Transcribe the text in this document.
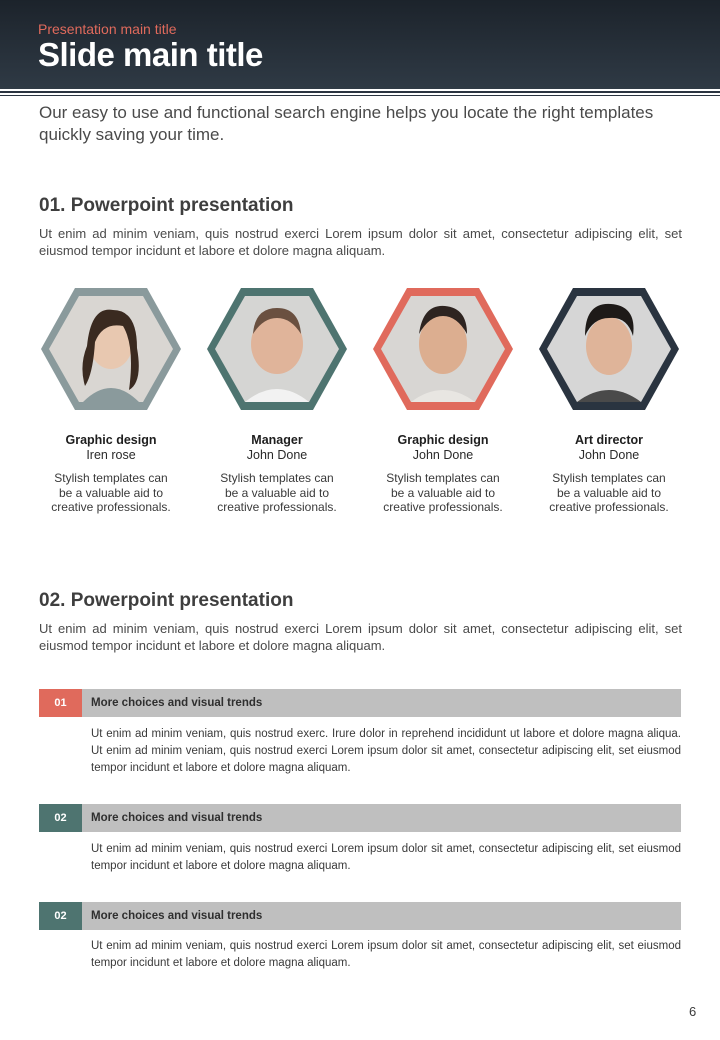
Presentation main title
Slide main title
Our easy to use and functional search engine helps you locate the right templates quickly saving your time.
01. Powerpoint presentation
Ut enim ad minim veniam, quis nostrud exerci Lorem ipsum dolor sit amet, consectetur adipiscing elit, set eiusmod tempor incidunt et labore et dolore magna aliquam.
Graphic design
Iren rose
Stylish templates can be a valuable aid to creative professionals.
Manager
John Done
Stylish templates can be a valuable aid to creative professionals.
Graphic design
John Done
Stylish templates can be a valuable aid to creative professionals.
Art director
John Done
Stylish templates can be a valuable aid to creative professionals.
02. Powerpoint presentation
Ut enim ad minim veniam, quis nostrud exerci Lorem ipsum dolor sit amet, consectetur adipiscing elit, set eiusmod tempor incidunt et labore et dolore magna aliquam.
01	More choices and visual trends
Ut enim ad minim veniam, quis nostrud exerc. Irure dolor in reprehend incididunt ut labore et dolore magna aliqua. Ut enim ad minim veniam, quis nostrud exerci Lorem ipsum dolor sit amet, consectetur adipiscing elit, set eiusmod tempor incidunt et labore et dolore magna aliquam.
02	More choices and visual trends
Ut enim ad minim veniam, quis nostrud exerci Lorem ipsum dolor sit amet, consectetur adipiscing elit, set eiusmod tempor incidunt et labore et dolore magna aliquam.
02	More choices and visual trends
Ut enim ad minim veniam, quis nostrud exerci Lorem ipsum dolor sit amet, consectetur adipiscing elit, set eiusmod tempor incidunt et labore et dolore magna aliquam.
6
